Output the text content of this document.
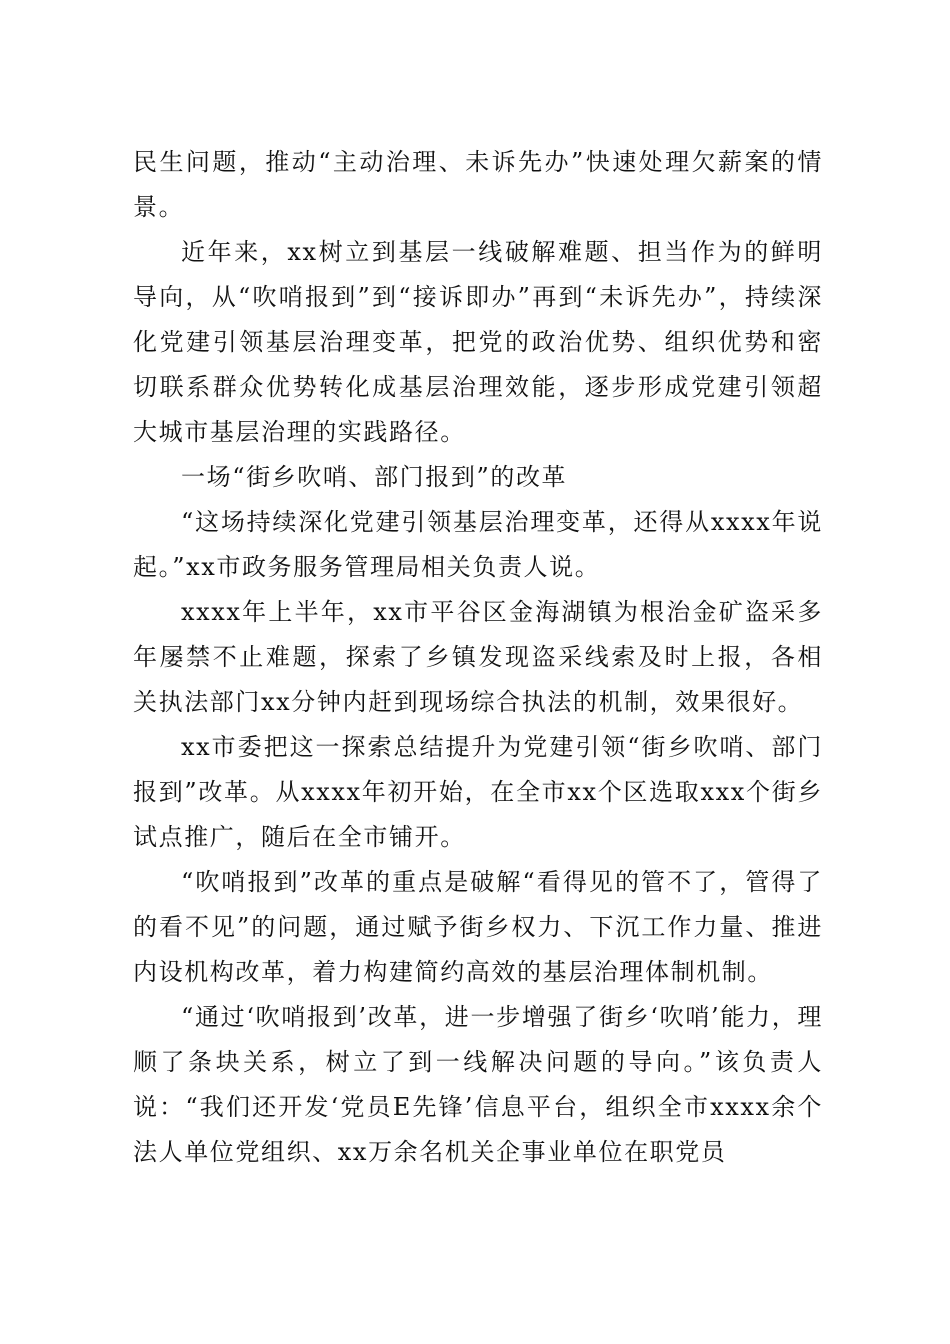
民生问题，推动“主动治理、未诉先办”快速处理欠薪案的情景。

近年来，xx树立到基层一线破解难题、担当作为的鲜明导向，从“吹哨报到”到“接诉即办”再到“未诉先办”，持续深化党建引领基层治理变革，把党的政治优势、组织优势和密切联系群众优势转化成基层治理效能，逐步形成党建引领超大城市基层治理的实践路径。

一场“街乡吹哨、部门报到”的改革

“这场持续深化党建引领基层治理变革，还得从xxxx年说起。”xx市政务服务管理局相关负责人说。

xxxx年上半年，xx市平谷区金海湖镇为根治金矿盗采多年屡禁不止难题，探索了乡镇发现盗采线索及时上报，各相关执法部门xx分钟内赶到现场综合执法的机制，效果很好。

xx市委把这一探索总结提升为党建引领“街乡吹哨、部门报到”改革。从xxxx年初开始，在全市xx个区选取xxx个街乡试点推广，随后在全市铺开。

“吹哨报到”改革的重点是破解“看得见的管不了，管得了的看不见”的问题，通过赋予街乡权力、下沉工作力量、推进内设机构改革，着力构建简约高效的基层治理体制机制。

“通过‘吹哨报到’改革，进一步增强了街乡‘吹哨’能力，理顺了条块关系，树立了到一线解决问题的导向。”该负责人说：“我们还开发‘党员E先锋’信息平台，组织全市xxxx余个法人单位党组织、xx万余名机关企事业单位在职党员
